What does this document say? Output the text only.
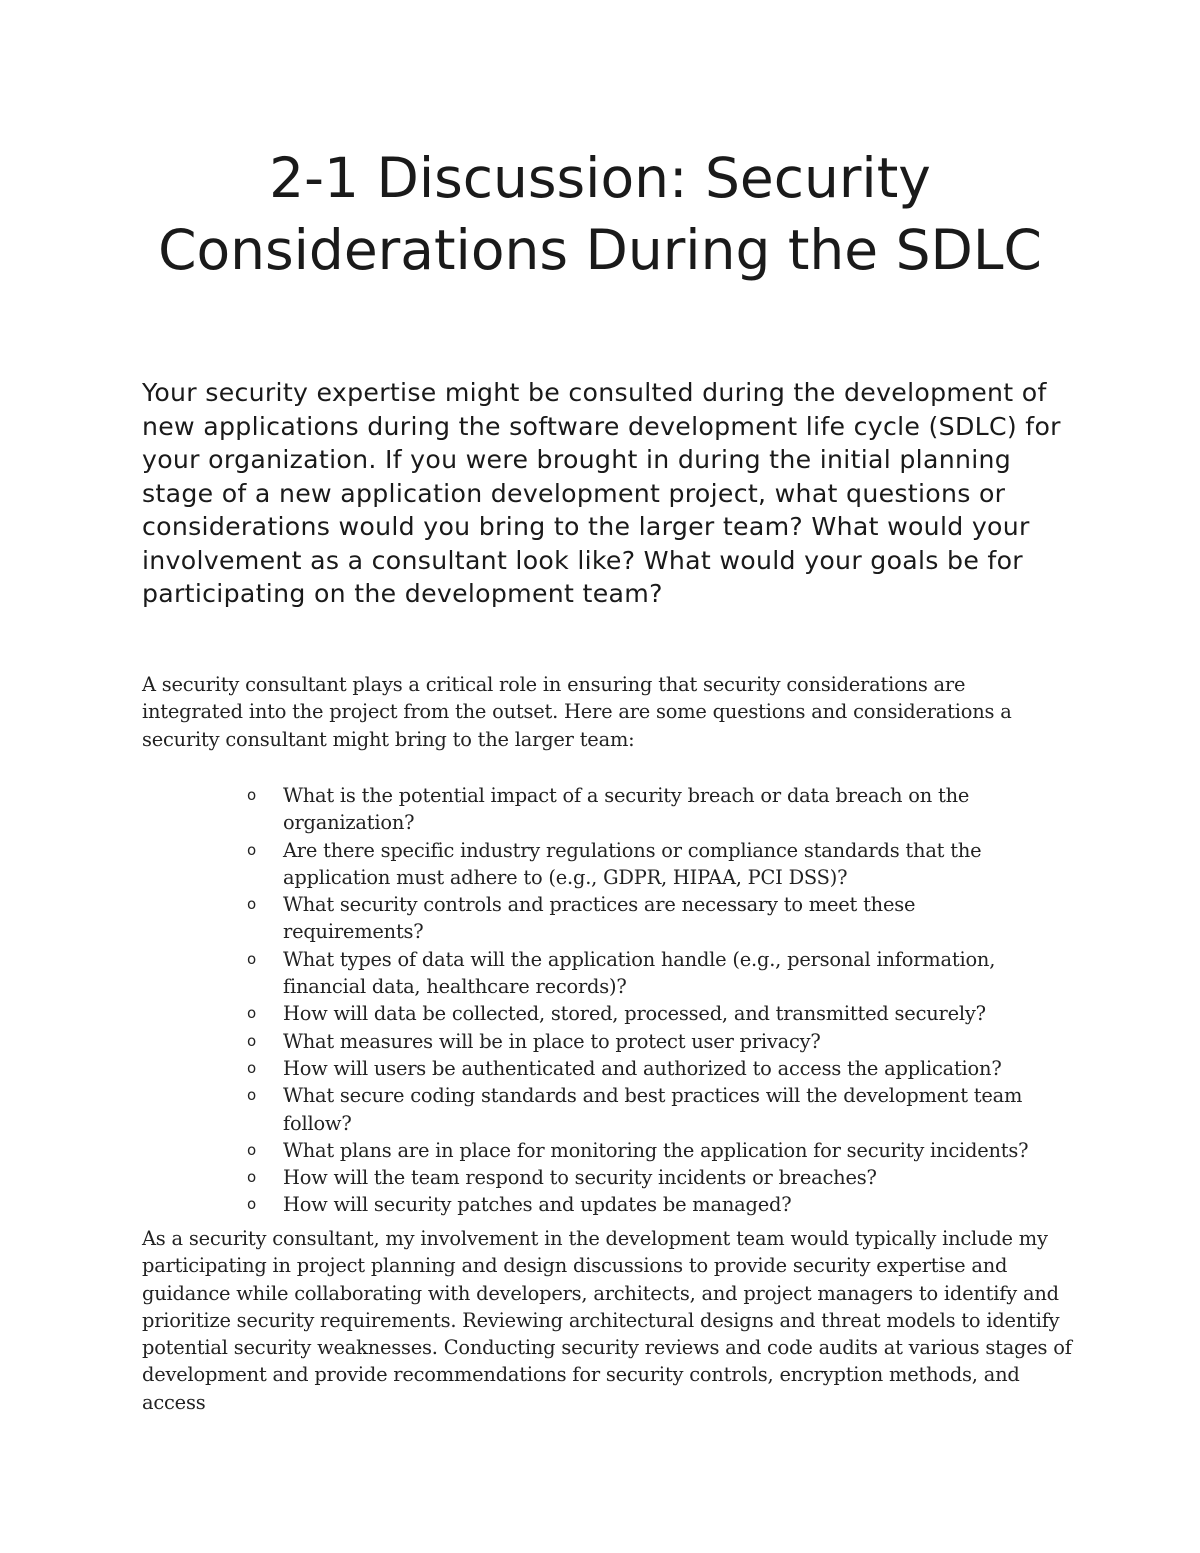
2-1 Discussion: Security Considerations During the SDLC

Your security expertise might be consulted during the development of new applications during the software development life cycle (SDLC) for your organization. If you were brought in during the initial planning stage of a new application development project, what questions or considerations would you bring to the larger team? What would your involvement as a consultant look like? What would your goals be for participating on the development team?

A security consultant plays a critical role in ensuring that security considerations are integrated into the project from the outset. Here are some questions and considerations a security consultant might bring to the larger team:

o What is the potential impact of a security breach or data breach on the organization?
o Are there specific industry regulations or compliance standards that the application must adhere to (e.g., GDPR, HIPAA, PCI DSS)?
o What security controls and practices are necessary to meet these requirements?
o What types of data will the application handle (e.g., personal information, financial data, healthcare records)?
o How will data be collected, stored, processed, and transmitted securely?
o What measures will be in place to protect user privacy?
o How will users be authenticated and authorized to access the application?
o What secure coding standards and best practices will the development team follow?
o What plans are in place for monitoring the application for security incidents?
o How will the team respond to security incidents or breaches?
o How will security patches and updates be managed?

As a security consultant, my involvement in the development team would typically include my participating in project planning and design discussions to provide security expertise and guidance while collaborating with developers, architects, and project managers to identify and prioritize security requirements. Reviewing architectural designs and threat models to identify potential security weaknesses. Conducting security reviews and code audits at various stages of development and provide recommendations for security controls, encryption methods, and access
